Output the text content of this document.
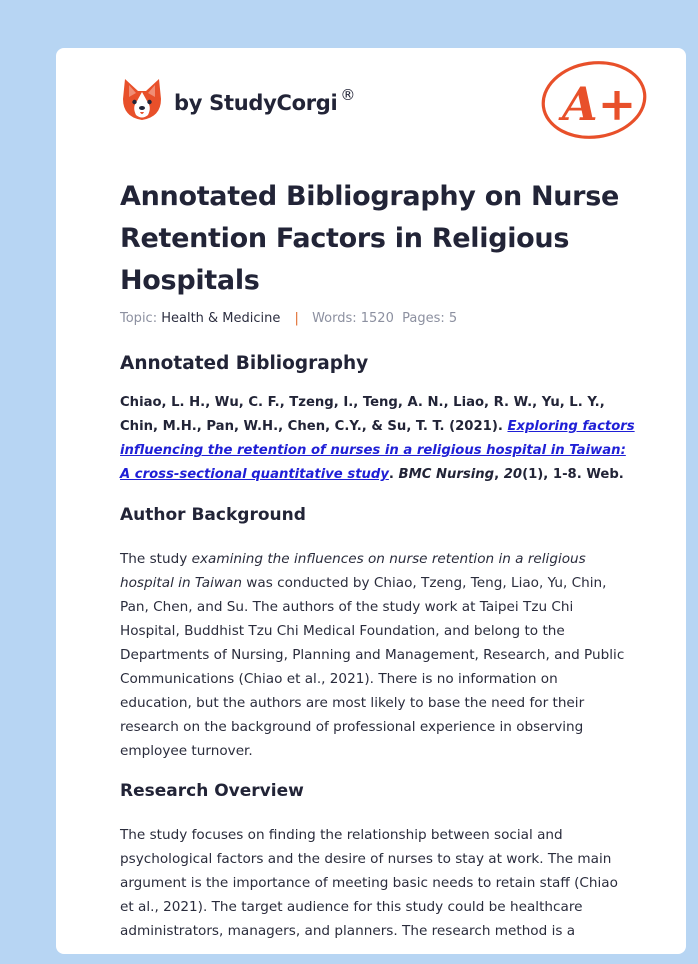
by StudyCorgi ®	A+
Annotated Bibliography on Nurse Retention Factors in Religious Hospitals
Topic: Health & Medicine | Words: 1520 Pages: 5
Annotated Bibliography

Chiao, L. H., Wu, C. F., Tzeng, I., Teng, A. N., Liao, R. W., Yu, L. Y., Chin, M.H., Pan, W.H., Chen, C.Y., & Su, T. T. (2021). Exploring factors influencing the retention of nurses in a religious hospital in Taiwan: A cross-sectional quantitative study. BMC Nursing, 20(1), 1-8. Web.

Author Background

The study examining the influences on nurse retention in a religious hospital in Taiwan was conducted by Chiao, Tzeng, Teng, Liao, Yu, Chin, Pan, Chen, and Su. The authors of the study work at Taipei Tzu Chi Hospital, Buddhist Tzu Chi Medical Foundation, and belong to the Departments of Nursing, Planning and Management, Research, and Public Communications (Chiao et al., 2021). There is no information on education, but the authors are most likely to base the need for their research on the background of professional experience in observing employee turnover.

Research Overview

The study focuses on finding the relationship between social and psychological factors and the desire of nurses to stay at work. The main argument is the importance of meeting basic needs to retain staff (Chiao et al., 2021). The target audience for this study could be healthcare administrators, managers, and planners. The research method is a
